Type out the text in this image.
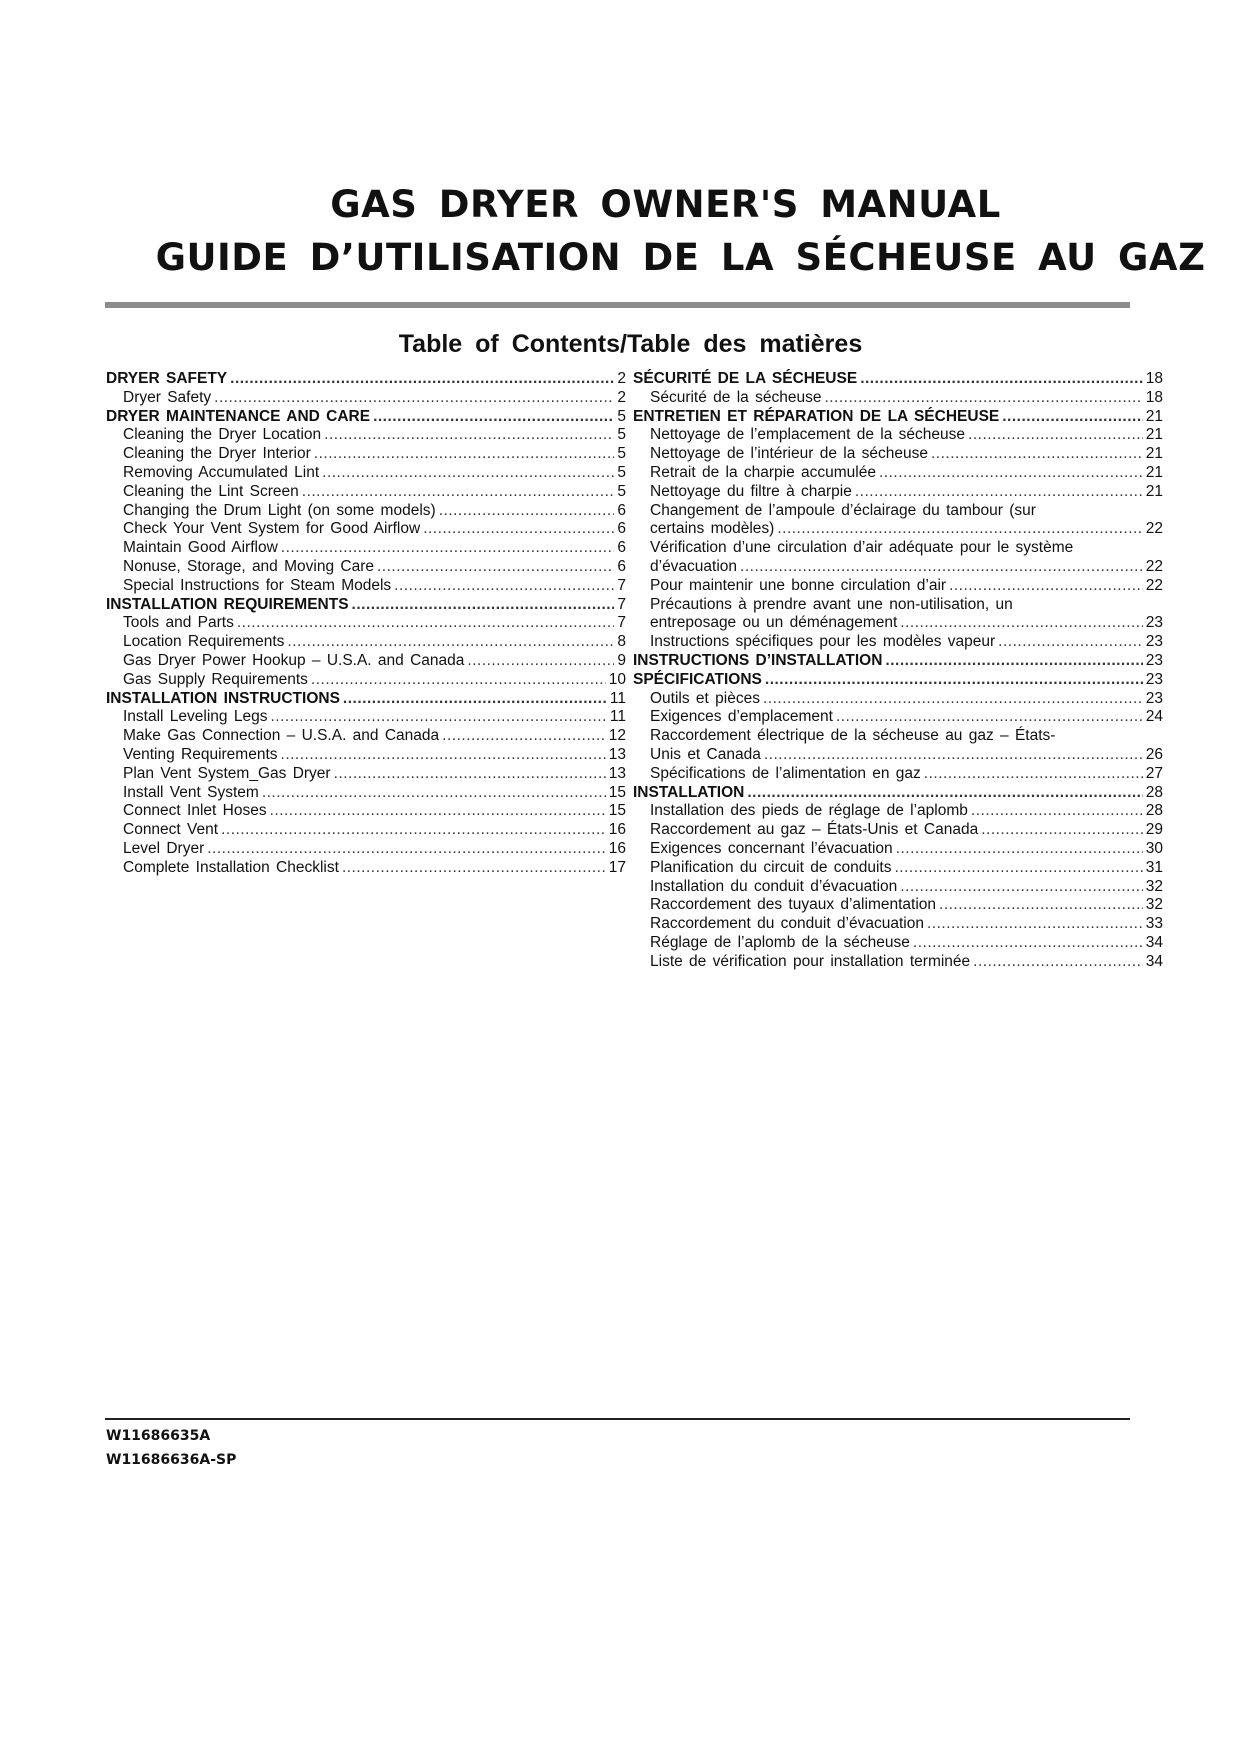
GAS DRYER OWNER'S MANUAL
GUIDE D’UTILISATION DE LA SÉCHEUSE AU GAZ
Table of Contents/Table des matières
DRYER SAFETY .....	2
Dryer Safety .....	2
DRYER MAINTENANCE AND CARE .....	5
Cleaning the Dryer Location .....	5
Cleaning the Dryer Interior .....	5
Removing Accumulated Lint .....	5
Cleaning the Lint Screen .....	5
Changing the Drum Light (on some models) .....	6
Check Your Vent System for Good Airflow .....	6
Maintain Good Airflow .....	6
Nonuse, Storage, and Moving Care .....	6
Special Instructions for Steam Models .....	7
INSTALLATION REQUIREMENTS .....	7
Tools and Parts .....	7
Location Requirements .....	8
Gas Dryer Power Hookup – U.S.A. and Canada .....	9
Gas Supply Requirements .....	10
INSTALLATION INSTRUCTIONS .....	11
Install Leveling Legs .....	11
Make Gas Connection – U.S.A. and Canada .....	12
Venting Requirements .....	13
Plan Vent System_Gas Dryer .....	13
Install Vent System .....	15
Connect Inlet Hoses .....	15
Connect Vent .....	16
Level Dryer .....	16
Complete Installation Checklist .....	17
SÉCURITÉ DE LA SÉCHEUSE .....	18
Sécurité de la sécheuse .....	18
ENTRETIEN ET RÉPARATION DE LA SÉCHEUSE .....	21
Nettoyage de l’emplacement de la sécheuse .....	21
Nettoyage de l’intérieur de la sécheuse .....	21
Retrait de la charpie accumulée .....	21
Nettoyage du filtre à charpie .....	21
Changement de l’ampoule d’éclairage du tambour (sur
certains modèles) .....	22
Vérification d’une circulation d’air adéquate pour le système
d’évacuation .....	22
Pour maintenir une bonne circulation d’air .....	22
Précautions à prendre avant une non-utilisation, un
entreposage ou un déménagement .....	23
Instructions spécifiques pour les modèles vapeur .....	23
INSTRUCTIONS D’INSTALLATION .....	23
SPÉCIFICATIONS .....	23
Outils et pièces .....	23
Exigences d’emplacement .....	24
Raccordement électrique de la sécheuse au gaz – États-
Unis et Canada .....	26
Spécifications de l’alimentation en gaz .....	27
INSTALLATION .....	28
Installation des pieds de réglage de l’aplomb .....	28
Raccordement au gaz – États-Unis et Canada .....	29
Exigences concernant l’évacuation .....	30
Planification du circuit de conduits .....	31
Installation du conduit d’évacuation .....	32
Raccordement des tuyaux d’alimentation .....	32
Raccordement du conduit d’évacuation .....	33
Réglage de l’aplomb de la sécheuse .....	34
Liste de vérification pour installation terminée .....	34
W11686635A
W11686636A-SP
